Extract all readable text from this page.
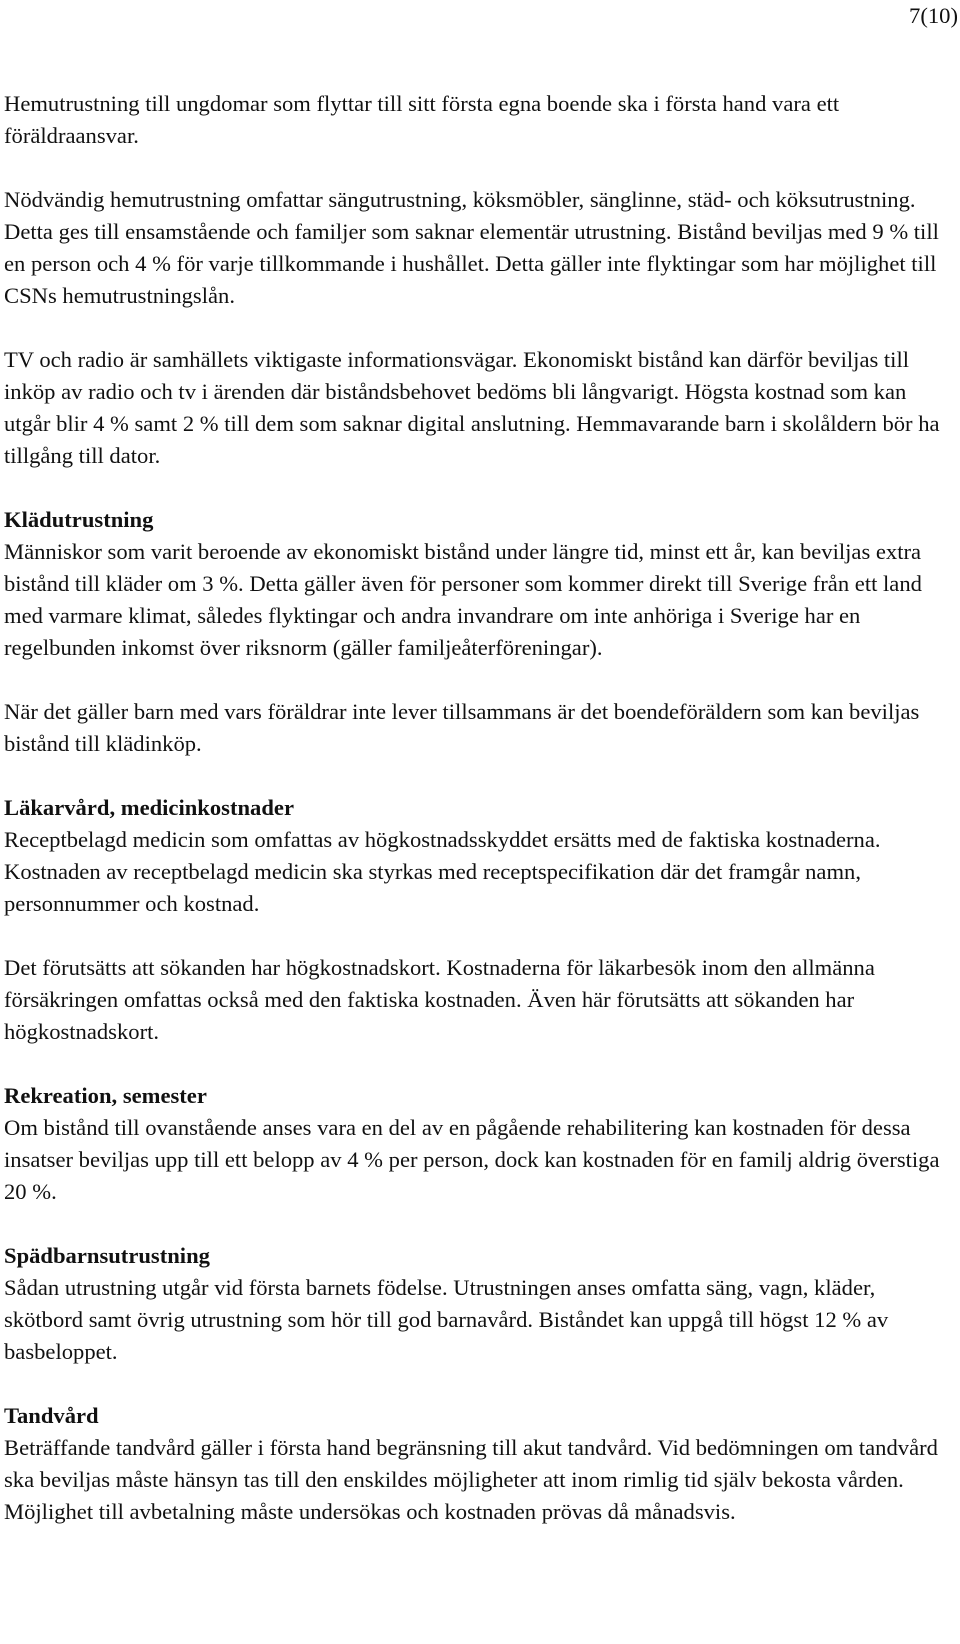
7(10)

Hemutrustning till ungdomar som flyttar till sitt första egna boende ska i första hand vara ett föräldraansvar.

Nödvändig hemutrustning omfattar sängutrustning, köksmöbler, sänglinne, städ- och köksutrustning. Detta ges till ensamstående och familjer som saknar elementär utrustning. Bistånd beviljas med 9 % till en person och 4 % för varje tillkommande i hushållet. Detta gäller inte flyktingar som har möjlighet till CSNs hemutrustningslån.

TV och radio är samhällets viktigaste informationsvägar. Ekonomiskt bistånd kan därför beviljas till inköp av radio och tv i ärenden där biståndsbehovet bedöms bli långvarigt. Högsta kostnad som kan utgår blir 4 % samt 2 % till dem som saknar digital anslutning. Hemmavarande barn i skolåldern bör ha tillgång till dator.

Klädutrustning

Människor som varit beroende av ekonomiskt bistånd under längre tid, minst ett år, kan beviljas extra bistånd till kläder om 3 %. Detta gäller även för personer som kommer direkt till Sverige från ett land med varmare klimat, således flyktingar och andra invandrare om inte anhöriga i Sverige har en regelbunden inkomst över riksnorm (gäller familjeåterföreningar).

När det gäller barn med vars föräldrar inte lever tillsammans är det boendeföräldern som kan beviljas bistånd till klädinköp.

Läkarvård, medicinkostnader

Receptbelagd medicin som omfattas av högkostnadsskyddet ersätts med de faktiska kostnaderna. Kostnaden av receptbelagd medicin ska styrkas med receptspecifikation där det framgår namn, personnummer och kostnad.

Det förutsätts att sökanden har högkostnadskort. Kostnaderna för läkarbesök inom den allmänna försäkringen omfattas också med den faktiska kostnaden. Även här förutsätts att sökanden har högkostnadskort.

Rekreation, semester

Om bistånd till ovanstående anses vara en del av en pågående rehabilitering kan kostnaden för dessa insatser beviljas upp till ett belopp av 4 % per person, dock kan kostnaden för en familj aldrig överstiga 20 %.

Spädbarnsutrustning

Sådan utrustning utgår vid första barnets födelse. Utrustningen anses omfatta säng, vagn, kläder, skötbord samt övrig utrustning som hör till god barnavård. Biståndet kan uppgå till högst 12 % av basbeloppet.

Tandvård

Beträffande tandvård gäller i första hand begränsning till akut tandvård. Vid bedömningen om tandvård ska beviljas måste hänsyn tas till den enskildes möjligheter att inom rimlig tid själv bekosta vården. Möjlighet till avbetalning måste undersökas och kostnaden prövas då månadsvis.
